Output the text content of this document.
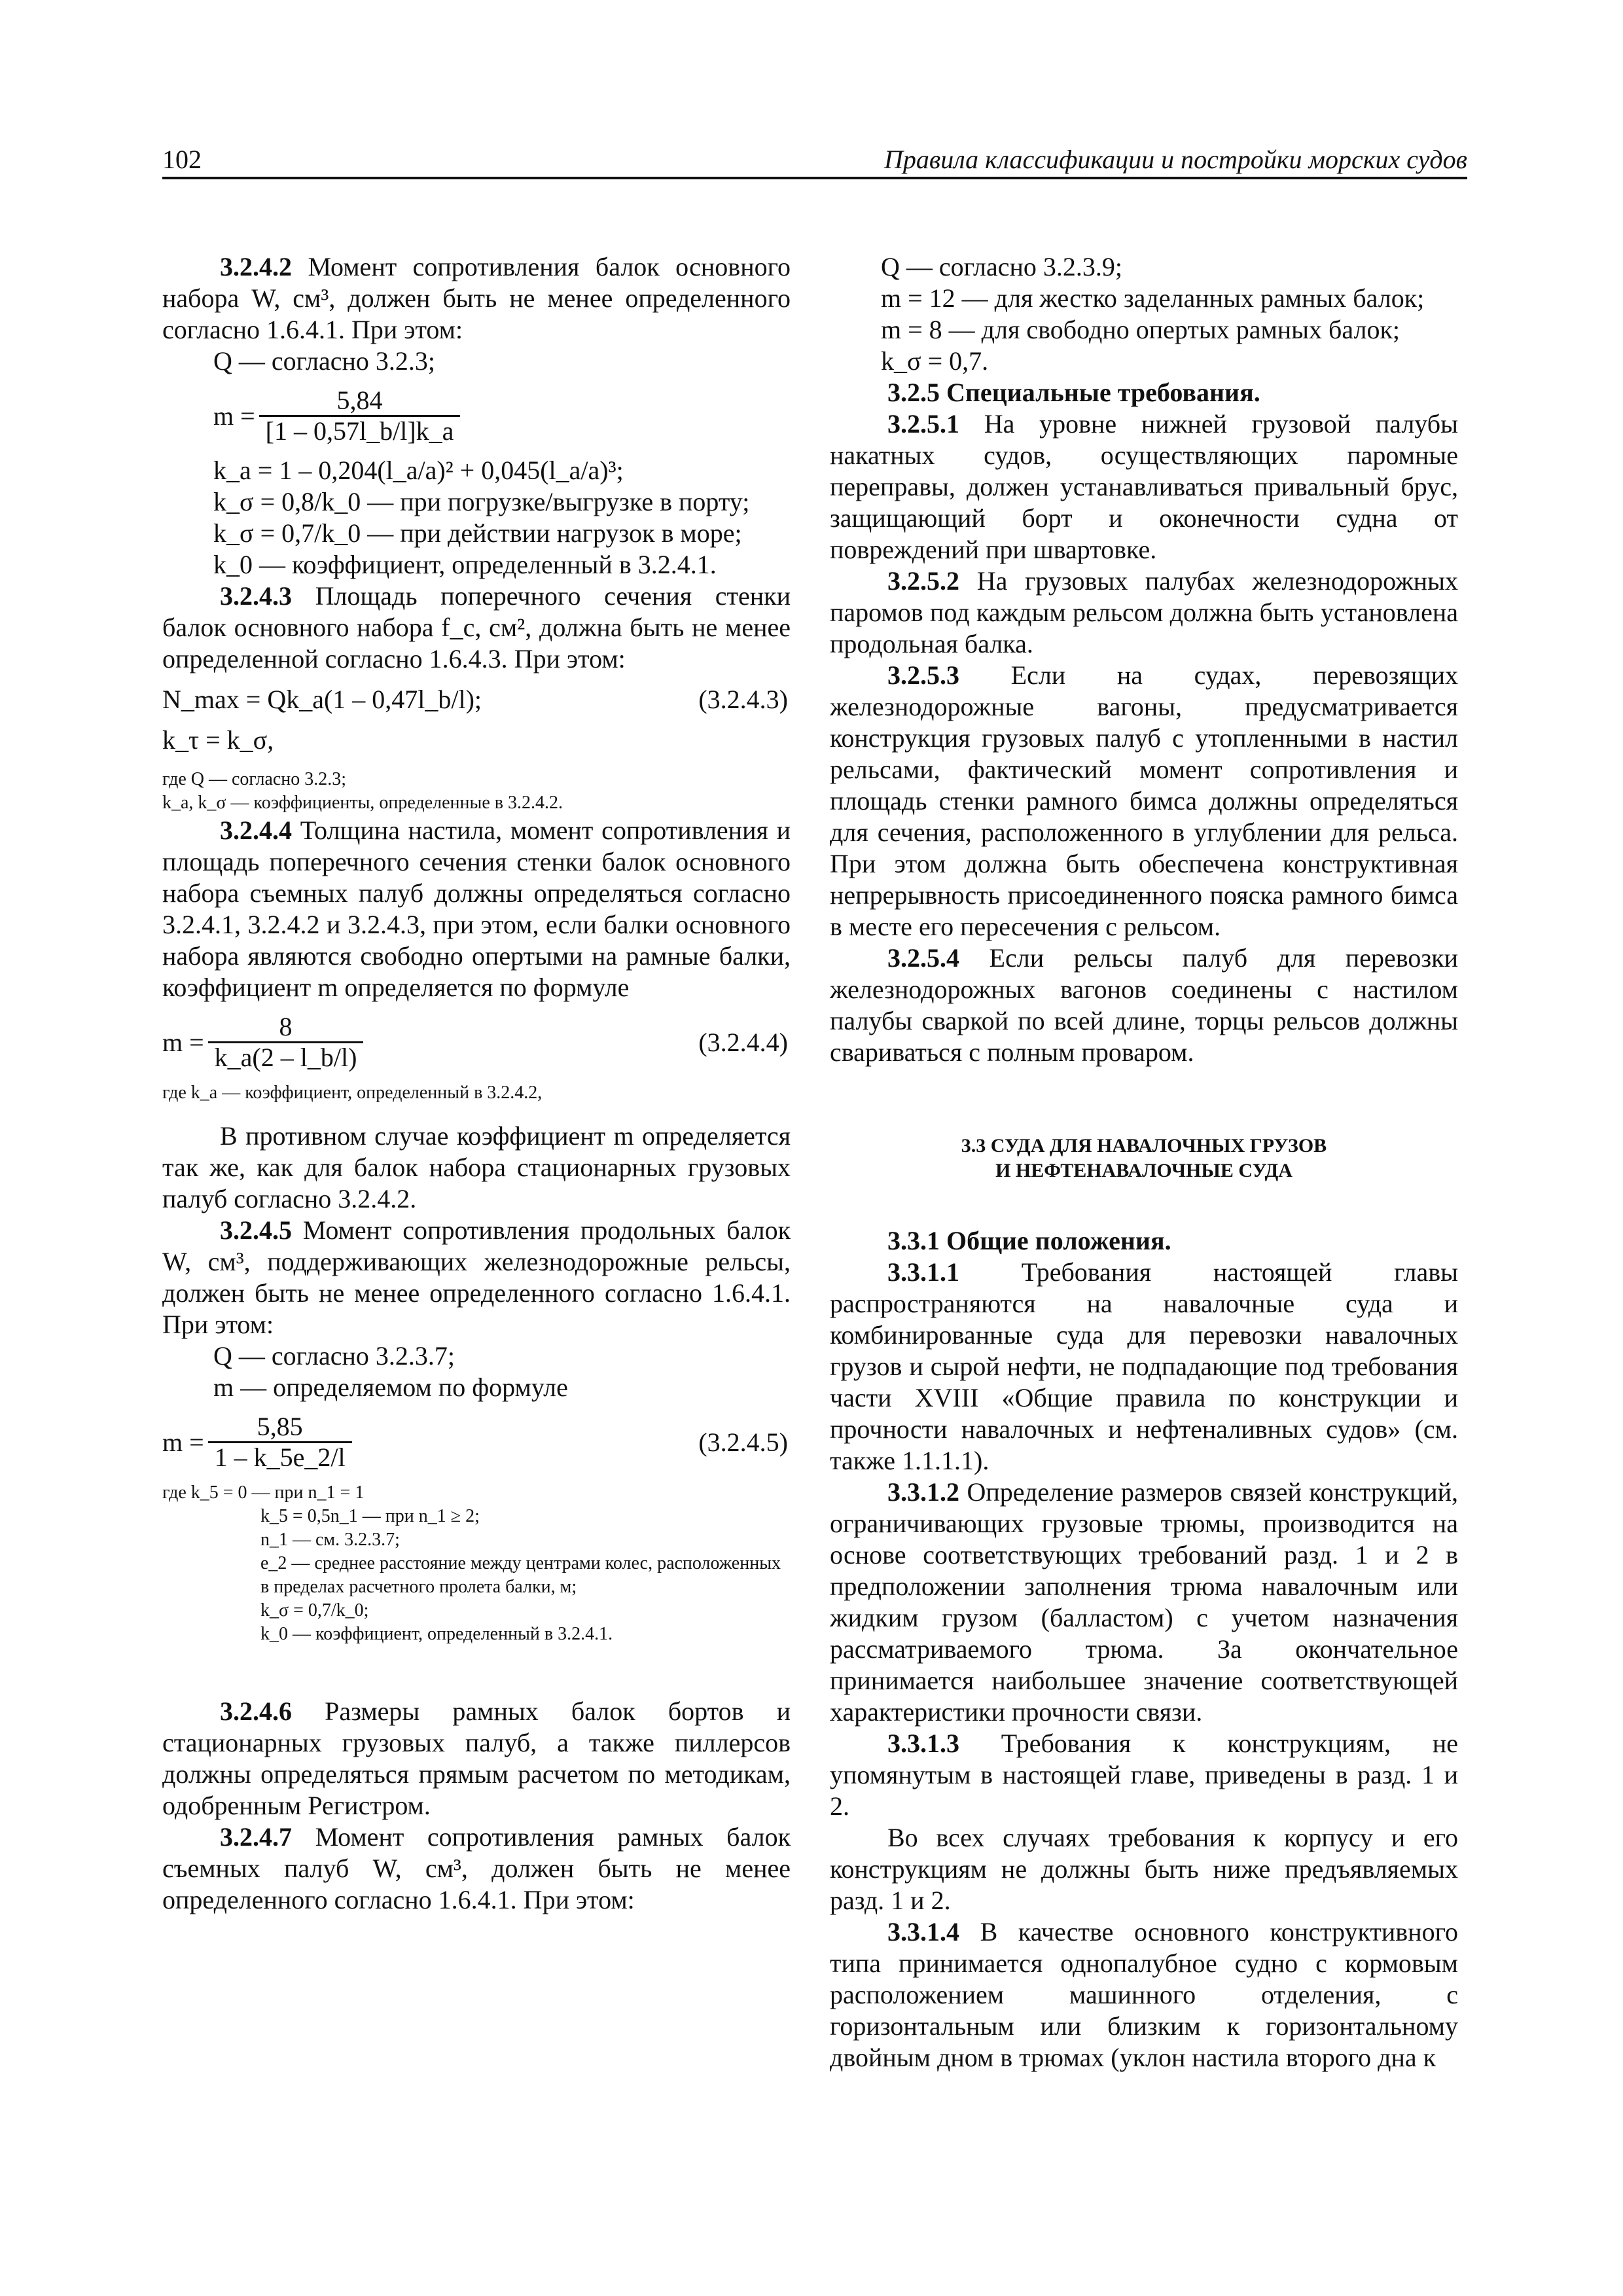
102	Правила классификации и постройки морских судов

3.2.4.2 Момент сопротивления балок основного набора W, см³, должен быть не менее определенного согласно 1.6.4.1. При этом:

Q — согласно 3.2.3;

$m = \frac{5,84}{[1 - 0,57l\_b/l]k\_a}$

k_a = 1 – 0,204(l_a/a)² + 0,045(l_a/a)³;

k_σ = 0,8/k_0 — при погрузке/выгрузке в порту;

k_σ = 0,7/k_0 — при действии нагрузок в море;

k_0 — коэффициент, определенный в 3.2.4.1.

3.2.4.3 Площадь поперечного сечения стенки балок основного набора f_c, см², должна быть не менее определенной согласно 1.6.4.3. При этом:

N_max = Qk_a(1 – 0,47l_b/l);	(3.2.4.3)

k_τ = k_σ,

где Q — согласно 3.2.3;
k_a, k_σ — коэффициенты, определенные в 3.2.4.2.

3.2.4.4 Толщина настила, момент сопротивления и площадь поперечного сечения стенки балок основного набора съемных палуб должны определяться согласно 3.2.4.1, 3.2.4.2 и 3.2.4.3, при этом, если балки основного набора являются свободно опертыми на рамные балки, коэффициент m определяется по формуле

$m = \frac{8}{k\_a(2 - l\_b/l)}$	(3.2.4.4)
где k_a — коэффициент, определенный в 3.2.4.2,

В противном случае коэффициент m определяется так же, как для балок набора стационарных грузовых палуб согласно 3.2.4.2.

3.2.4.5 Момент сопротивления продольных балок W, см³, поддерживающих железнодорожные рельсы, должен быть не менее определенного согласно 1.6.4.1. При этом:

Q — согласно 3.2.3.7;

m — определяемом по формуле

$m = \frac{5,85}{1 - k\_5e\_2/l}$	(3.2.4.5)
где k_5 = 0 — при n_1 = 1
k_5 = 0,5n_1 — при n_1 ≥ 2;
n_1 — см. 3.2.3.7;
e_2 — среднее расстояние между центрами колес, расположенных в пределах расчетного пролета балки, м;
k_σ = 0,7/k_0;
k_0 — коэффициент, определенный в 3.2.4.1.

3.2.4.6 Размеры рамных балок бортов и стационарных грузовых палуб, а также пиллерсов должны определяться прямым расчетом по методикам, одобренным Регистром.

3.2.4.7 Момент сопротивления рамных балок съемных палуб W, см³, должен быть не менее определенного согласно 1.6.4.1. При этом:

Q — согласно 3.2.3.9;

m = 12 — для жестко заделанных рамных балок;

m = 8 — для свободно опертых рамных балок;

k_σ = 0,7.

3.2.5 Специальные требования.

3.2.5.1 На уровне нижней грузовой палубы накатных судов, осуществляющих паромные переправы, должен устанавливаться привальный брус, защищающий борт и оконечности судна от повреждений при швартовке.

3.2.5.2 На грузовых палубах железнодорожных паромов под каждым рельсом должна быть установлена продольная балка.

3.2.5.3 Если на судах, перевозящих железнодорожные вагоны, предусматривается конструкция грузовых палуб с утопленными в настил рельсами, фактический момент сопротивления и площадь стенки рамного бимса должны определяться для сечения, расположенного в углублении для рельса. При этом должна быть обеспечена конструктивная непрерывность присоединенного пояска рамного бимса в месте его пересечения с рельсом.

3.2.5.4 Если рельсы палуб для перевозки железнодорожных вагонов соединены с настилом палубы сваркой по всей длине, торцы рельсов должны свариваться с полным проваром.

3.3 СУДА ДЛЯ НАВАЛОЧНЫХ ГРУЗОВ
И НЕФТЕНАВАЛОЧНЫЕ СУДА

3.3.1 Общие положения.

3.3.1.1 Требования настоящей главы распространяются на навалочные суда и комбинированные суда для перевозки навалочных грузов и сырой нефти, не подпадающие под требования части XVIII «Общие правила по конструкции и прочности навалочных и нефтеналивных судов» (см. также 1.1.1.1).

3.3.1.2 Определение размеров связей конструкций, ограничивающих грузовые трюмы, производится на основе соответствующих требований разд. 1 и 2 в предположении заполнения трюма навалочным или жидким грузом (балластом) с учетом назначения рассматриваемого трюма. За окончательное принимается наибольшее значение соответствующей характеристики прочности связи.

3.3.1.3 Требования к конструкциям, не упомянутым в настоящей главе, приведены в разд. 1 и 2.

Во всех случаях требования к корпусу и его конструкциям не должны быть ниже предъявляемых разд. 1 и 2.

3.3.1.4 В качестве основного конструктивного типа принимается однопалубное судно с кормовым расположением машинного отделения, с горизонтальным или близким к горизонтальному двойным дном в трюмах (уклон настила второго дна к
